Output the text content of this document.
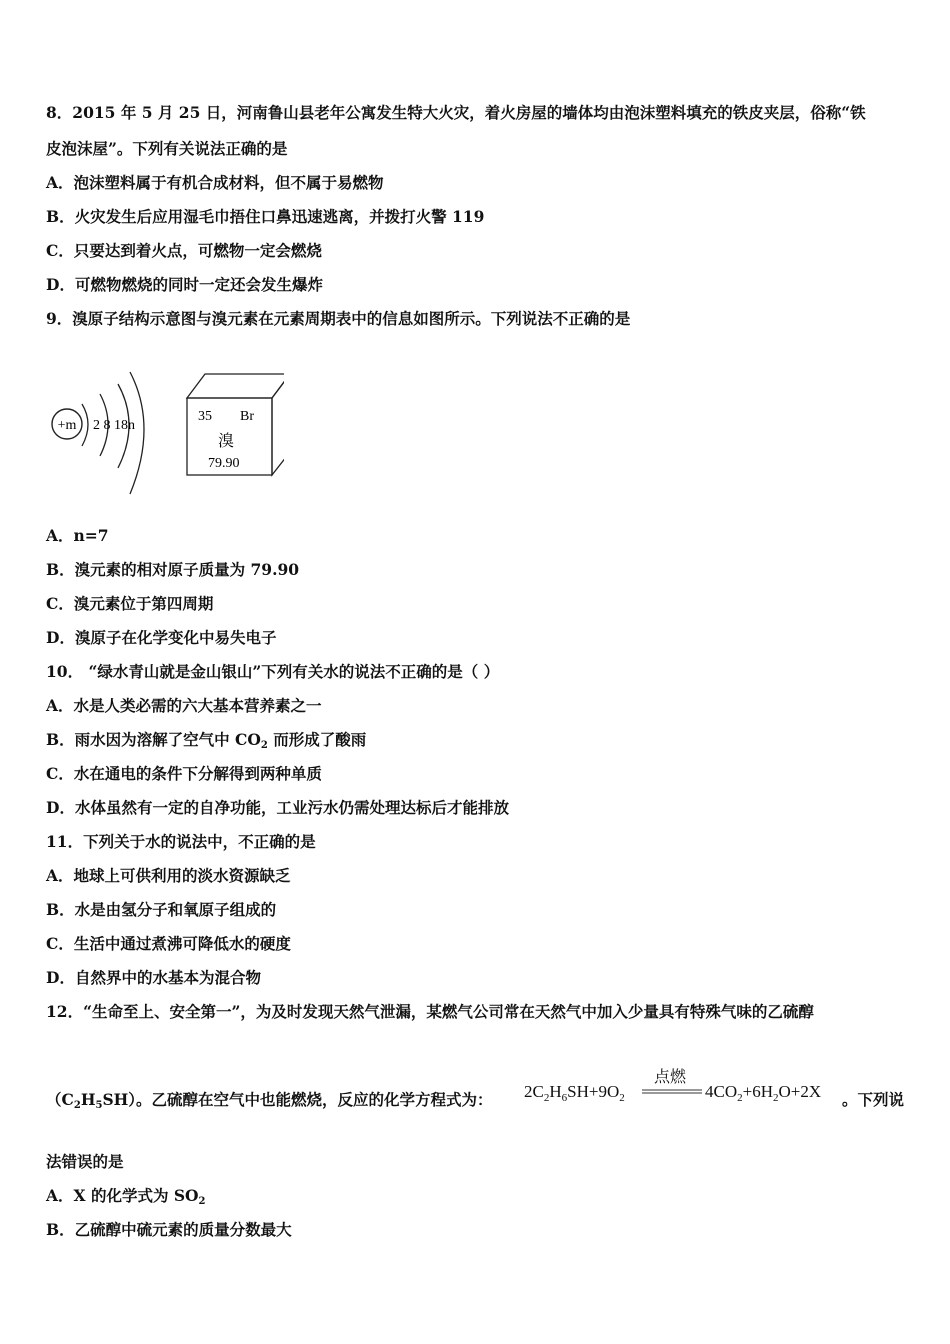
8．2015 年 5 月 25 日，河南鲁山县老年公寓发生特大火灾，着火房屋的墙体均由泡沫塑料填充的铁皮夹层，俗称“铁
皮泡沫屋”。下列有关说法正确的是
A．泡沫塑料属于有机合成材料，但不属于易燃物
B．火灾发生后应用湿毛巾捂住口鼻迅速逃离，并拨打火警 119
C．只要达到着火点，可燃物一定会燃烧
D．可燃物燃烧的同时一定还会发生爆炸
9．溴原子结构示意图与溴元素在元素周期表中的信息如图所示。下列说法不正确的是
+m 2 8 18n
35 Br
溴
79.90
A．n=7
B．溴元素的相对原子质量为 79.90
C．溴元素位于第四周期
D．溴原子在化学变化中易失电子
10． “绿水青山就是金山银山”下列有关水的说法不正确的是（ ）
A．水是人类必需的六大基本营养素之一
B．雨水因为溶解了空气中 $CO_2$ 而形成了酸雨
C．水在通电的条件下分解得到两种单质
D．水体虽然有一定的自净功能，工业污水仍需处理达标后才能排放
11．下列关于水的说法中，不正确的是
A．地球上可供利用的淡水资源缺乏
B．水是由氢分子和氧原子组成的
C．生活中通过煮沸可降低水的硬度
D．自然界中的水基本为混合物
12．“生命至上、安全第一”，为及时发现天然气泄漏，某燃气公司常在天然气中加入少量具有特殊气味的乙硫醇
$(C_2H_5SH)$。乙硫醇在空气中也能燃烧，反应的化学方程式为： $2C_2H_6SH+9O_2$
点燃
$4CO_2+6H_2O+2X$ 。下列说
法错误的是
A．X 的化学式为 $SO_2$
B．乙硫醇中硫元素的质量分数最大
